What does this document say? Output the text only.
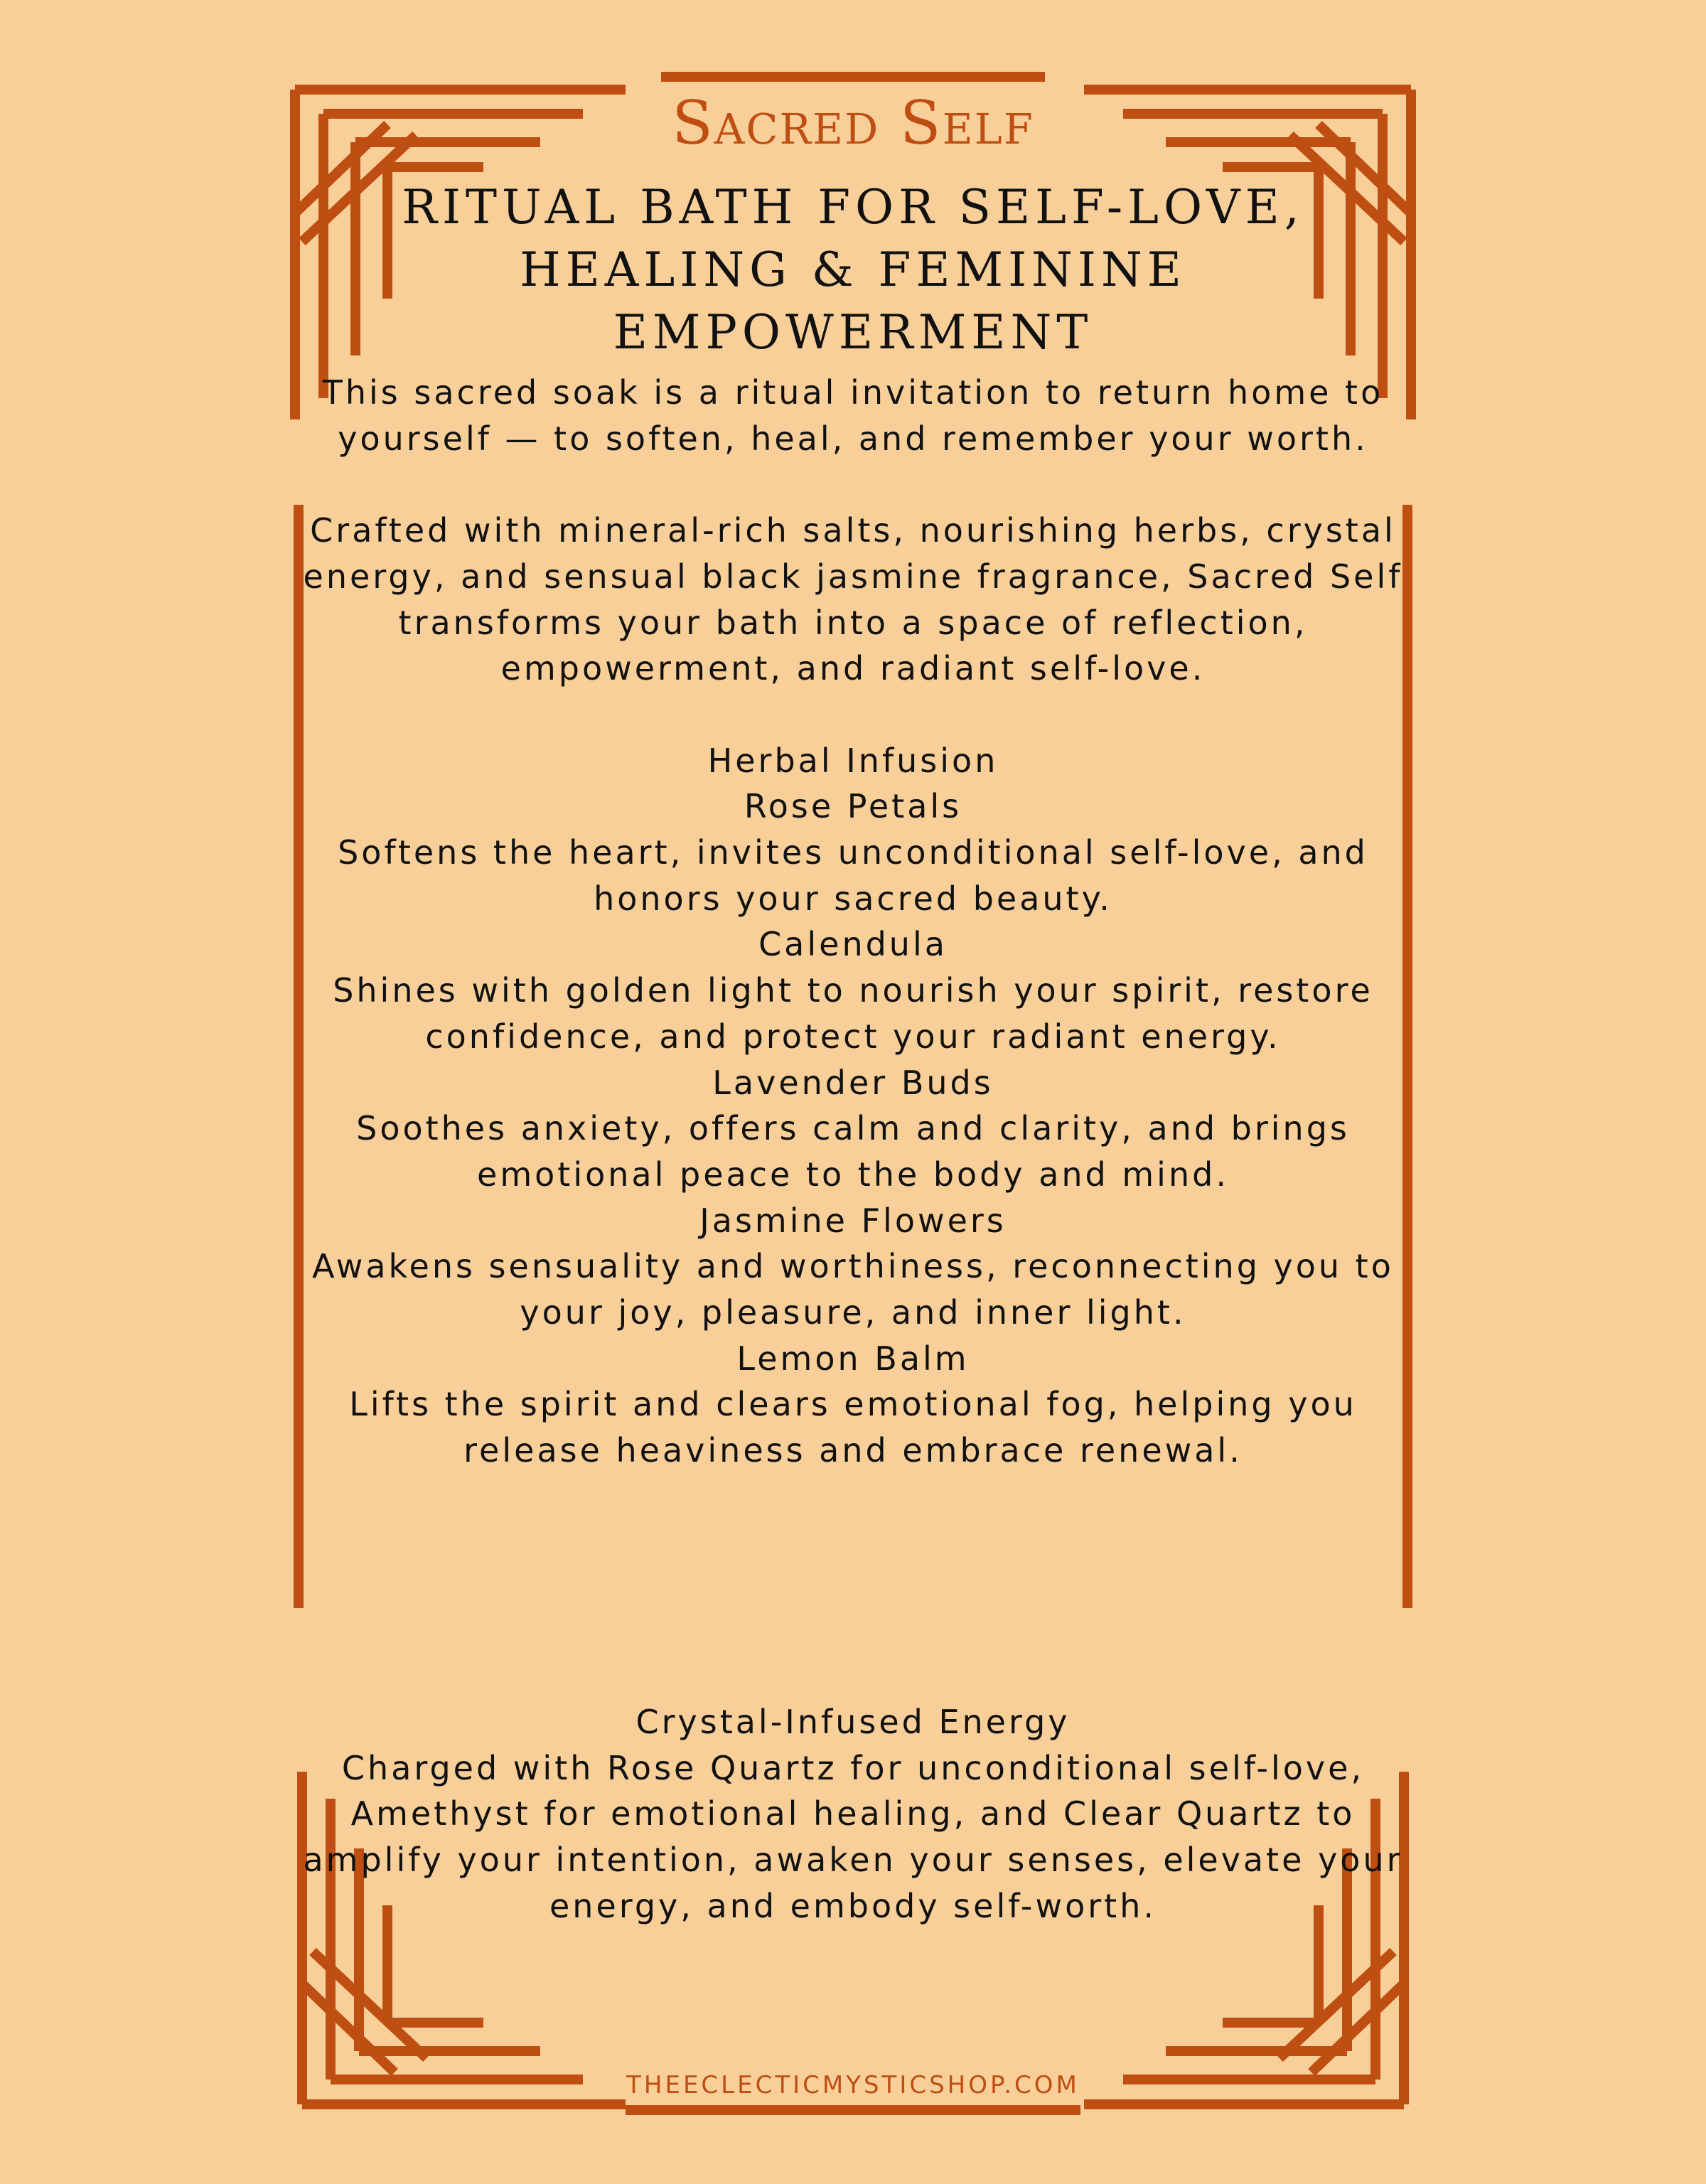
Sacred Self
RITUAL BATH FOR SELF-LOVE, HEALING & FEMININE EMPOWERMENT

This sacred soak is a ritual invitation to return home to yourself — to soften, heal, and remember your worth.

Crafted with mineral-rich salts, nourishing herbs, crystal energy, and sensual black jasmine fragrance, Sacred Self transforms your bath into a space of reflection, empowerment, and radiant self-love.

Herbal Infusion

Rose Petals

Softens the heart, invites unconditional self-love, and honors your sacred beauty.

Calendula

Shines with golden light to nourish your spirit, restore confidence, and protect your radiant energy.

Lavender Buds

Soothes anxiety, offers calm and clarity, and brings emotional peace to the body and mind.

Jasmine Flowers

Awakens sensuality and worthiness, reconnecting you to your joy, pleasure, and inner light.

Lemon Balm

Lifts the spirit and clears emotional fog, helping you release heaviness and embrace renewal.

Crystal-Infused Energy

Charged with Rose Quartz for unconditional self-love, Amethyst for emotional healing, and Clear Quartz to amplify your intention, awaken your senses, elevate your energy, and embody self-worth.

THEECLECTICMYSTICSHOP.COM
